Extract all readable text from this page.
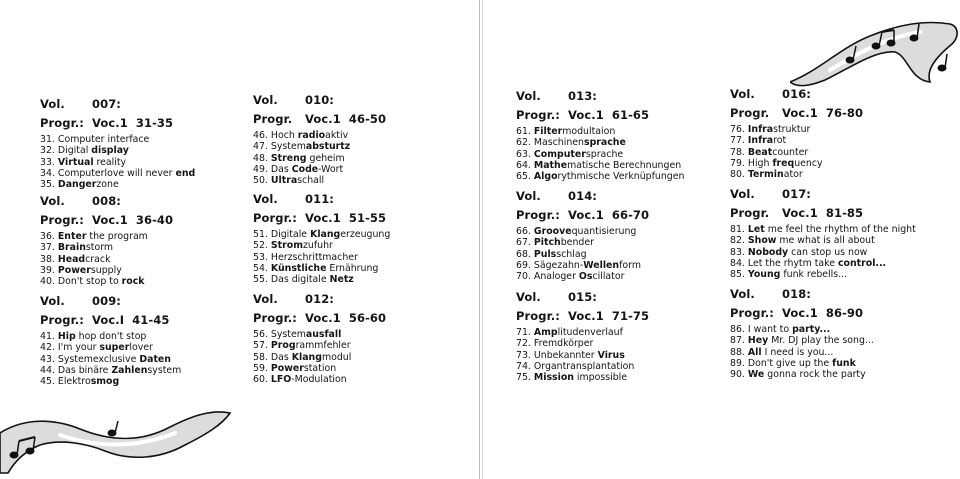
Vol. 007:
Progr.: Voc.1 31-35
31. Computer interface
32. Digital display
33. Virtual reality
34. Computerlove will never end
35. Dangerzone
Vol. 008:
Progr.: Voc.1 36-40
36. Enter the program
37. Brainstorm
38. Headcrack
39. Powersupply
40. Don't stop to rock
Vol. 009:
Progr.: Voc.I 41-45
41. Hip hop don't stop
42. I'm your superlover
43. Systemexclusive Daten
44. Das binäre Zahlensystem
45. Elektrosmog
Vol. 010:
Progr. Voc.1 46-50
46. Hoch radioaktiv
47. Systemabsturtz
48. Streng geheim
49. Das Code-Wort
50. Ultraschall
Vol. 011:
Porgr.: Voc.1 51-55
51. Digitale Klangerzeugung
52. Stromzufuhr
53. Herzschrittmacher
54. Künstliche Ernährung
55. Das digitale Netz
Vol. 012:
Progr.: Voc.1 56-60
56. Systemausfall
57. Programmfehler
58. Das Klangmodul
59. Powerstation
60. LFO-Modulation
Vol. 013:
Progr.: Voc.1 61-65
61. Filtermodultaion
62. Maschinensprache
63. Computersprache
64. Mathematische Berechnungen
65. Algorythmische Verknüpfungen
Vol. 014:
Progr.: Voc.1 66-70
66. Groovequantisierung
67. Pitchbender
68. Pulsschlag
69. Sägezahn-Wellenform
70. Analoger Oscillator
Vol. 015:
Progr.: Voc.1 71-75
71. Amplitudenverlauf
72. Fremdkörper
73. Unbekannter Virus
74. Organtransplantation
75. Mission impossible
Vol. 016:
Progr. Voc.1 76-80
76. Infrastruktur
77. Infrarot
78. Beatcounter
79. High frequency
80. Terminator
Vol. 017:
Progr. Voc.1 81-85
81. Let me feel the rhythm of the night
82. Show me what is all about
83. Nobody can stop us now
84. Let the rhytm take control...
85. Young funk rebells...
Vol. 018:
Progr.: Voc.1 86-90
86. I want to party...
87. Hey Mr. DJ play the song...
88. All I need is you...
89. Don't give up the funk
90. We gonna rock the party
